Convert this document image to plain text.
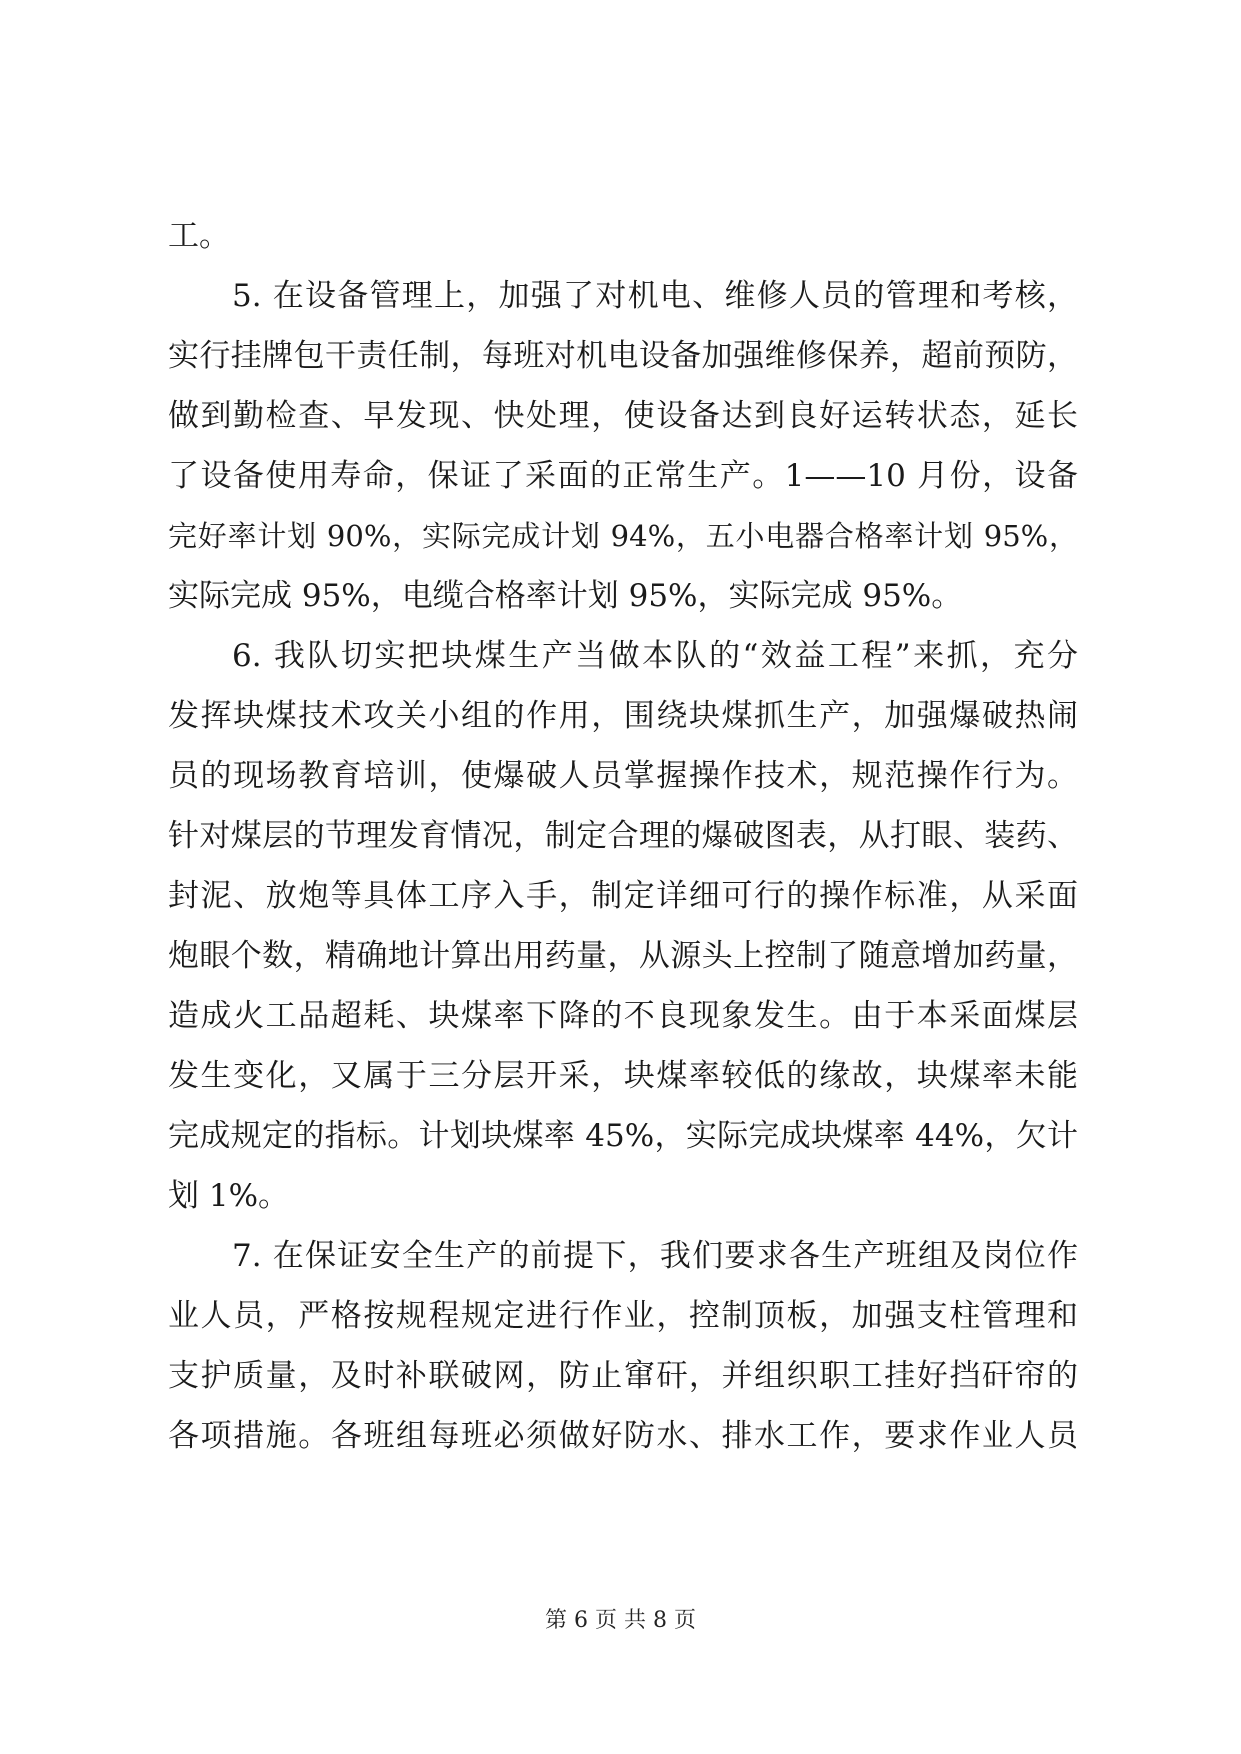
工。
5. 在设备管理上，加强了对机电、维修人员的管理和考核，
实行挂牌包干责任制，每班对机电设备加强维修保养，超前预防，
做到勤检查、早发现、快处理，使设备达到良好运转状态，延长
了设备使用寿命，保证了采面的正常生产。1——10 月份，设备
完好率计划 90%，实际完成计划 94%，五小电器合格率计划 95%，
实际完成 95%，电缆合格率计划 95%，实际完成 95%。
6. 我队切实把块煤生产当做本队的“效益工程”来抓，充分
发挥块煤技术攻关小组的作用，围绕块煤抓生产，加强爆破热闹
员的现场教育培训，使爆破人员掌握操作技术，规范操作行为。
针对煤层的节理发育情况，制定合理的爆破图表，从打眼、装药、
封泥、放炮等具体工序入手，制定详细可行的操作标准，从采面
炮眼个数，精确地计算出用药量，从源头上控制了随意增加药量，
造成火工品超耗、块煤率下降的不良现象发生。由于本采面煤层
发生变化，又属于三分层开采，块煤率较低的缘故，块煤率未能
完成规定的指标。计划块煤率 45%，实际完成块煤率 44%，欠计
划 1%。
7. 在保证安全生产的前提下，我们要求各生产班组及岗位作
业人员，严格按规程规定进行作业，控制顶板，加强支柱管理和
支护质量，及时补联破网，防止窜矸，并组织职工挂好挡矸帘的
各项措施。各班组每班必须做好防水、排水工作，要求作业人员
第 6 页 共 8 页
